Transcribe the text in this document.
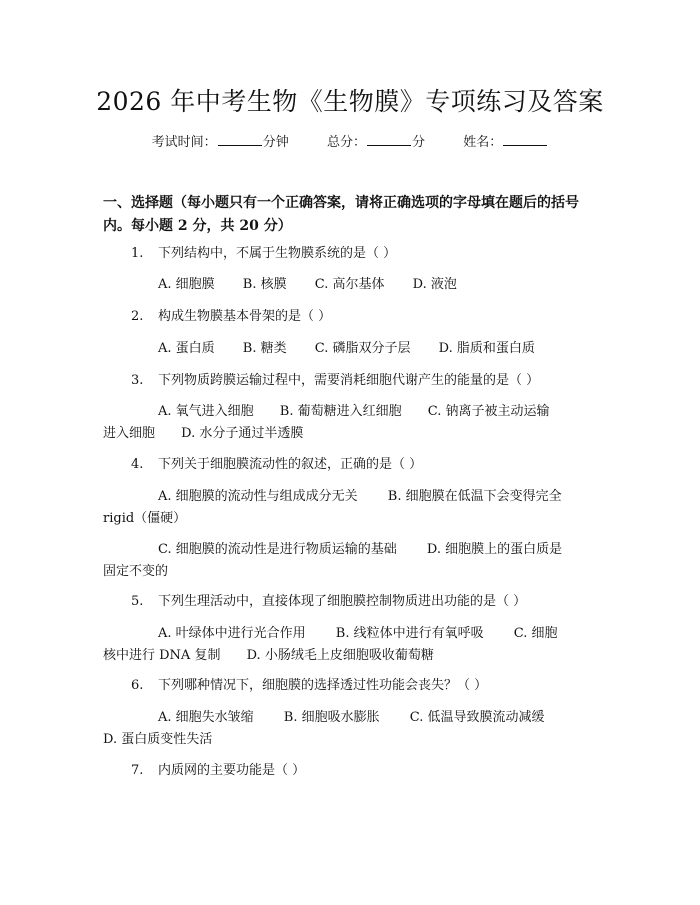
2026 年中考生物《生物膜》专项练习及答案
考试时间：	分钟	总分：	分	姓名：
一、选择题（每小题只有一个正确答案，请将正确选项的字母填在题后的括号
内。每小题 2 分，共 20 分）
1. 下列结构中，不属于生物膜系统的是（ ）
A. 细胞膜 B. 核膜 C. 高尔基体 D. 液泡
2. 构成生物膜基本骨架的是（ ）
A. 蛋白质 B. 糖类 C. 磷脂双分子层 D. 脂质和蛋白质
3. 下列物质跨膜运输过程中，需要消耗细胞代谢产生的能量的是（ ）
A. 氧气进入细胞 B. 葡萄糖进入红细胞 C. 钠离子被主动运输
进入细胞 D. 水分子通过半透膜
4. 下列关于细胞膜流动性的叙述，正确的是（ ）
A. 细胞膜的流动性与组成成分无关 B. 细胞膜在低温下会变得完全
rigid（僵硬）
C. 细胞膜的流动性是进行物质运输的基础 D. 细胞膜上的蛋白质是
固定不变的
5. 下列生理活动中，直接体现了细胞膜控制物质进出功能的是（ ）
A. 叶绿体中进行光合作用 B. 线粒体中进行有氧呼吸 C. 细胞
核中进行 DNA 复制 D. 小肠绒毛上皮细胞吸收葡萄糖
6. 下列哪种情况下，细胞膜的选择透过性功能会丧失？（ ）
A. 细胞失水皱缩 B. 细胞吸水膨胀 C. 低温导致膜流动减缓
D. 蛋白质变性失活
7. 内质网的主要功能是（ ）
